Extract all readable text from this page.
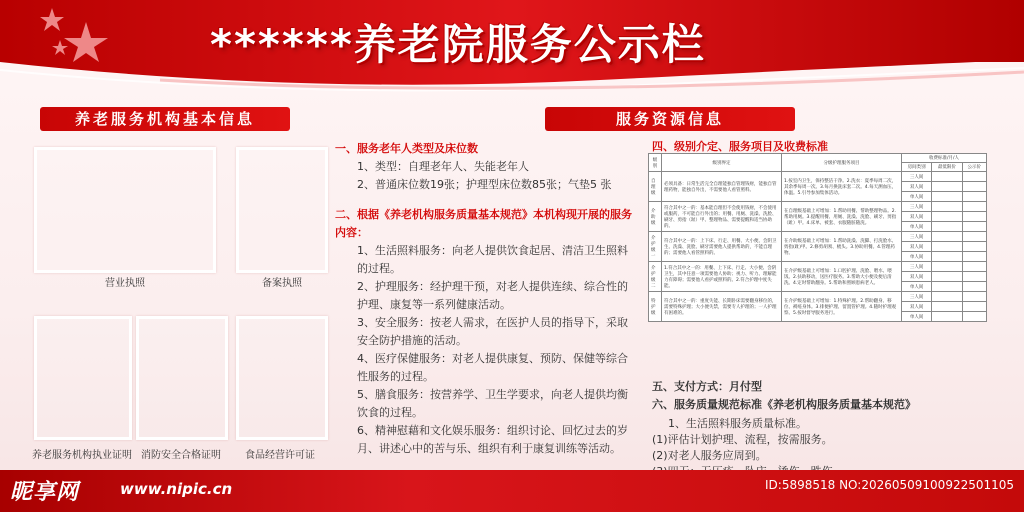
******养老院服务公示栏
养老服务机构基本信息
营业执照	备案执照
养老服务机构执业证明 消防安全合格证明	食品经营许可证

一、服务老年人类型及床位数

1、类型：自理老年人、失能老年人

2、普通床位数19张；护理型床位数85张；气垫5 张

二、根据《养老机构服务质量基本规范》本机构现开展的服务内容：

1、生活照料服务：向老人提供饮食起居、清洁卫生照料的过程。

2、护理服务：经护理干预，对老人提供连续、综合性的护理、康复等一系列健康活动。

3、安全服务：按老人需求，在医护人员的指导下，采取安全防护措施的活动。

4、医疗保健服务：对老人提供康复、预防、保健等综合性服务的过程。

5、膳食服务：按营养学、卫生学要求，向老人提供均衡饮食的过程。

6、精神慰藉和文化娱乐服务：组织讨论、回忆过去的岁月、讲述心中的苦与乐、组织有利于康复训练等活动。

服务资源信息
四、级别介定、服务项目及收费标准
级别	级别界定	分级护理服务项目	收费标准/月/人		
			房间类别	最低限价	公示价
自理级	必须具备：日常生活完全自理能独自管理钱财，能独自管理药物，能独自外出，不需要他人看管照料。	1.按室内卫生，保持整洁干净。2.洗衣：夏季每周二次，其余季每周一次。3.每月换洗床套二次。4.每天测血压，体温。5.引导参加集体活动。	三人间		
			双人间		
			单人间		
介助级	符合其中之一的：基本能自理但不会使用钱财，不会使用或服药，不可能自行外出的；用餐、用厕、洗澡、洗脸、刷牙、剪指（趾）甲、整理物品、需要提醒和适当协助的。	在自理级基础上可增加：1.帮助用餐、帮助整理物品。2.帮助用厕。3.提醒用餐、用厕、洗澡、洗脸、刷牙、剪指（趾）甲。4.床单、被套、衣服随脏随洗。	三人间		
			双人间		
			单人间		
介护级一	符合其中之一的：上下床、行走、用餐、大小便、会阴卫生、洗澡、洗脸、刷牙需要他人提供帮助的，不能自理的；需要他人看管照料的。	在介助级基础上可增加：1.帮助洗澡、洗脚、打洗脸水、剪指(趾)甲。2.修剪胡须、梳头。3.协助用餐。4.管理药物。	三人间		
			双人间		
			单人间		
介护级二	1.符合其中之一的：用餐、上下床、行走、大小便、会阴卫生，其中任意一项需要他人协助；视力、听力、理解能力有障碍；需要他人看护或照料的。2.符合护理中度失能。	在介护级基础上可增加：1.口腔护理、洗脸、喂水、喂饭。2.扶助移动，送医疗服务。3.帮助大小便及便后清洗。4.定时帮助翻身。5.帮助和照顾患病老人。	三人间		
			双人间		
			单人间		
特护级	符合其中之一的：重度失能、长期卧床需要翻身移位的，需要特殊护理；大小便失禁，需要专人护理的；一人护理有困难的。	在介护级基础上可增加：1.特殊护理。2.帮助翻身、移位、褥疮身体。3.排便护理、留置管护理。4.随时护理观察。5.按时督导服务进行。	三人间		
			双人间		
			单人间		
五、支付方式：月付型
六、服务质量规范标准《养老机构服务质量基本规范》
1、生活照料服务质量标准。
(1)评估计划护理、流程，按需服务。
(2)对老人服务应周到。
昵享网	www.nipic.cn	ID:5898518 NO:20260509100922501105
